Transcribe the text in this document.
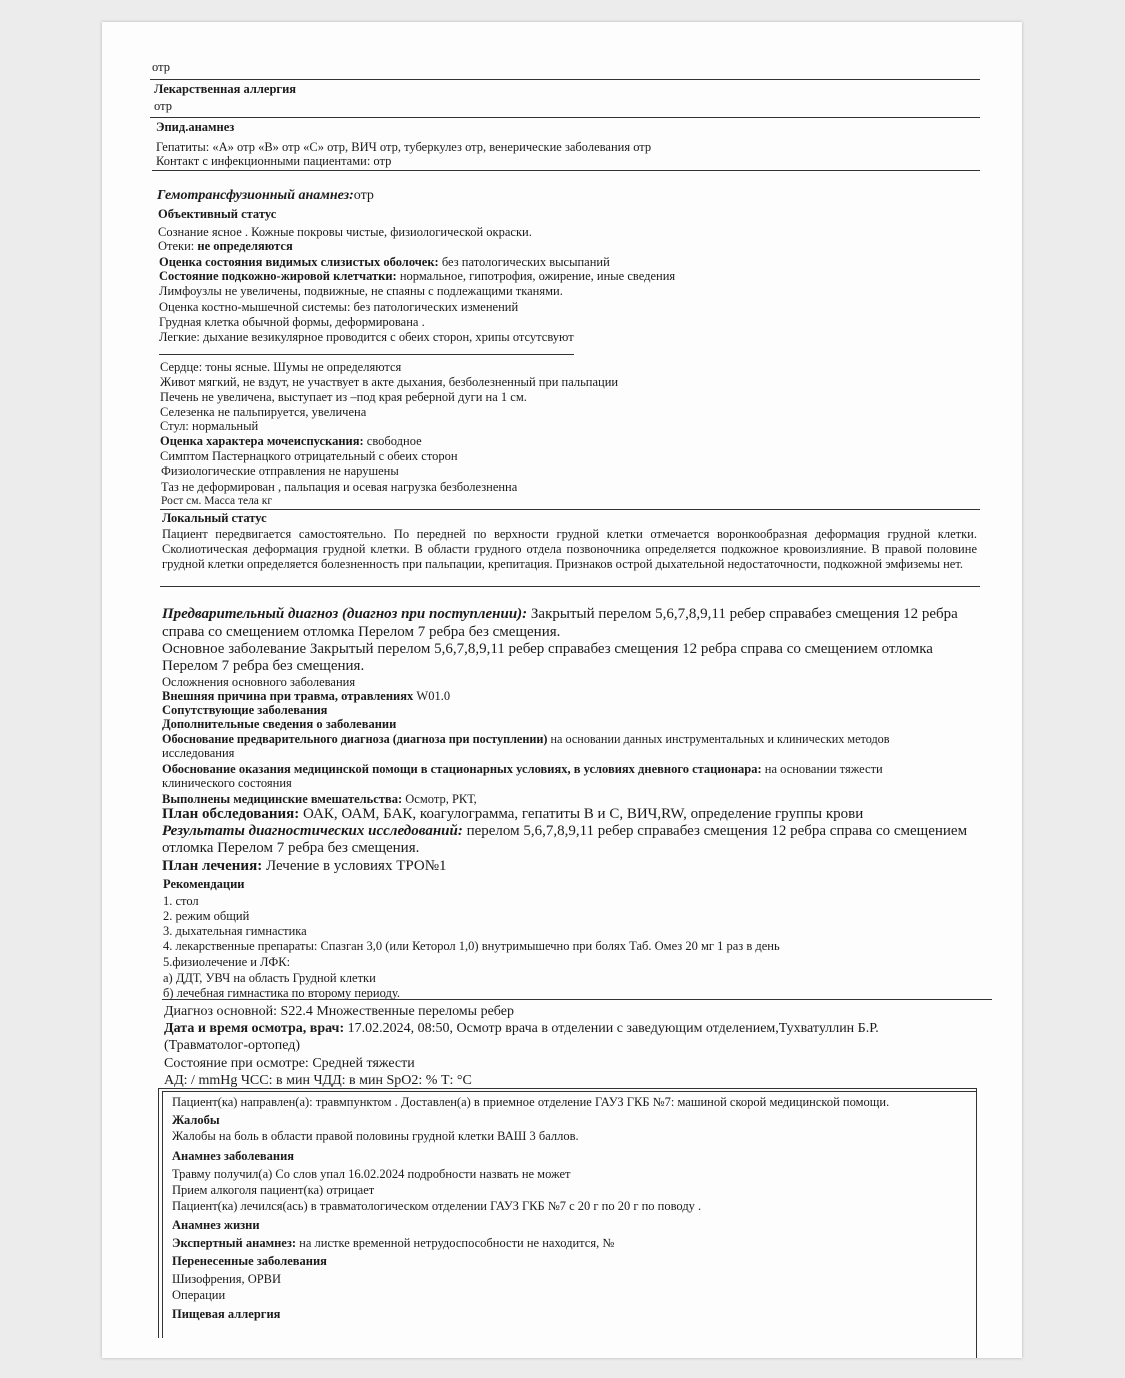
отр
Лекарственная аллергия
отр
Эпид.анамнез
Гепатиты: «А» отр «В» отр «С» отр, ВИЧ отр, туберкулез отр, венерические заболевания отр
Контакт с инфекционными пациентами: отр
Гемотрансфузионный анамнез:отр
Объективный статус
Сознание ясное . Кожные покровы чистые, физиологической окраски.
Отеки: не определяются
Оценка состояния видимых слизистых оболочек: без патологических высыпаний
Состояние подкожно-жировой клетчатки: нормальное, гипотрофия, ожирение, иные сведения
Лимфоузлы не увеличены, подвижные, не спаяны с подлежащими тканями.
Оценка костно-мышечной системы: без патологических изменений
Грудная клетка обычной формы, деформирована .
Легкие: дыхание везикулярное проводится с обеих сторон, хрипы отсутсвуют
Сердце: тоны ясные. Шумы не определяются
Живот мягкий, не вздут, не участвует в акте дыхания, безболезненный при пальпации
Печень не увеличена, выступает из –под края реберной дуги на 1 см.
Селезенка не пальпируется, увеличена
Стул: нормальный
Оценка характера мочеиспускания: свободное
Симптом Пастернацкого отрицательный с обеих сторон
Физиологические отправления не нарушены
Таз не деформирован , пальпация и осевая нагрузка безболезненна
Рост см. Масса тела кг
Локальный статус
Пациент передвигается самостоятельно. По передней по верхности грудной клетки отмечается воронкообразная деформация грудной клетки. Сколиотическая деформация грудной клетки. В области грудного отдела позвоночника определяется подкожное кровоизлияние. В правой половине грудной клетки определяется болезненность при пальпации, крепитация. Признаков острой дыхательной недостаточности, подкожной эмфиземы нет.
Предварительный диагноз (диагноз при поступлении): Закрытый перелом 5,6,7,8,9,11 ребер справабез смещения 12 ребра
справа со смещением отломка Перелом 7 ребра без смещения.
Основное заболевание Закрытый перелом 5,6,7,8,9,11 ребер справабез смещения 12 ребра справа со смещением отломка
Перелом 7 ребра без смещения.
Осложнения основного заболевания
Внешняя причина при травма, отравлениях W01.0
Сопутствующие заболевания
Дополнительные сведения о заболевании
Обоснование предварительного диагноза (диагноза при поступлении) на основании данных инструментальных и клинических методов
исследования
Обоснование оказания медицинской помощи в стационарных условиях, в условиях дневного стационара: на основании тяжести
клинического состояния
Выполнены медицинские вмешательства: Осмотр, РКТ,
План обследования: ОАК, ОАМ, БАК, коагулограмма, гепатиты В и С, ВИЧ,RW, определение группы крови
Результаты диагностических исследований: перелом 5,6,7,8,9,11 ребер справабез смещения 12 ребра справа со смещением
отломка Перелом 7 ребра без смещения.
План лечения: Лечение в условиях ТРО№1
Рекомендации
1. стол
2. режим общий
3. дыхательная гимнастика
4. лекарственные препараты: Спазган 3,0 (или Кеторол 1,0) внутримышечно при болях Таб. Омез 20 мг 1 раз в день
5.физиолечение и ЛФК:
а) ДДТ, УВЧ на область Грудной клетки
б) лечебная гимнастика по второму периоду.
Диагноз основной: S22.4 Множественные переломы ребер
Дата и время осмотра, врач: 17.02.2024, 08:50, Осмотр врача в отделении с заведующим отделением,Тухватуллин Б.Р.
(Травматолог-ортопед)
Состояние при осмотре: Средней тяжести
АД: / mmHg ЧСС: в мин ЧДД: в мин SpO2: % Т: °C
Пациент(ка) направлен(а): травмпунктом . Доставлен(а) в приемное отделение ГАУЗ ГКБ №7: машиной скорой медицинской помощи.
Жалобы
Жалобы на боль в области правой половины грудной клетки ВАШ 3 баллов.
Анамнез заболевания
Травму получил(а) Со слов упал 16.02.2024 подробности назвать не может
Прием алкоголя пациент(ка) отрицает
Пациент(ка) лечился(ась) в травматологическом отделении ГАУЗ ГКБ №7 с 20 г по 20 г по поводу .
Анамнез жизни
Экспертный анамнез: на листке временной нетрудоспособности не находится, №
Перенесенные заболевания
Шизофрения, ОРВИ
Операции
Пищевая аллергия
